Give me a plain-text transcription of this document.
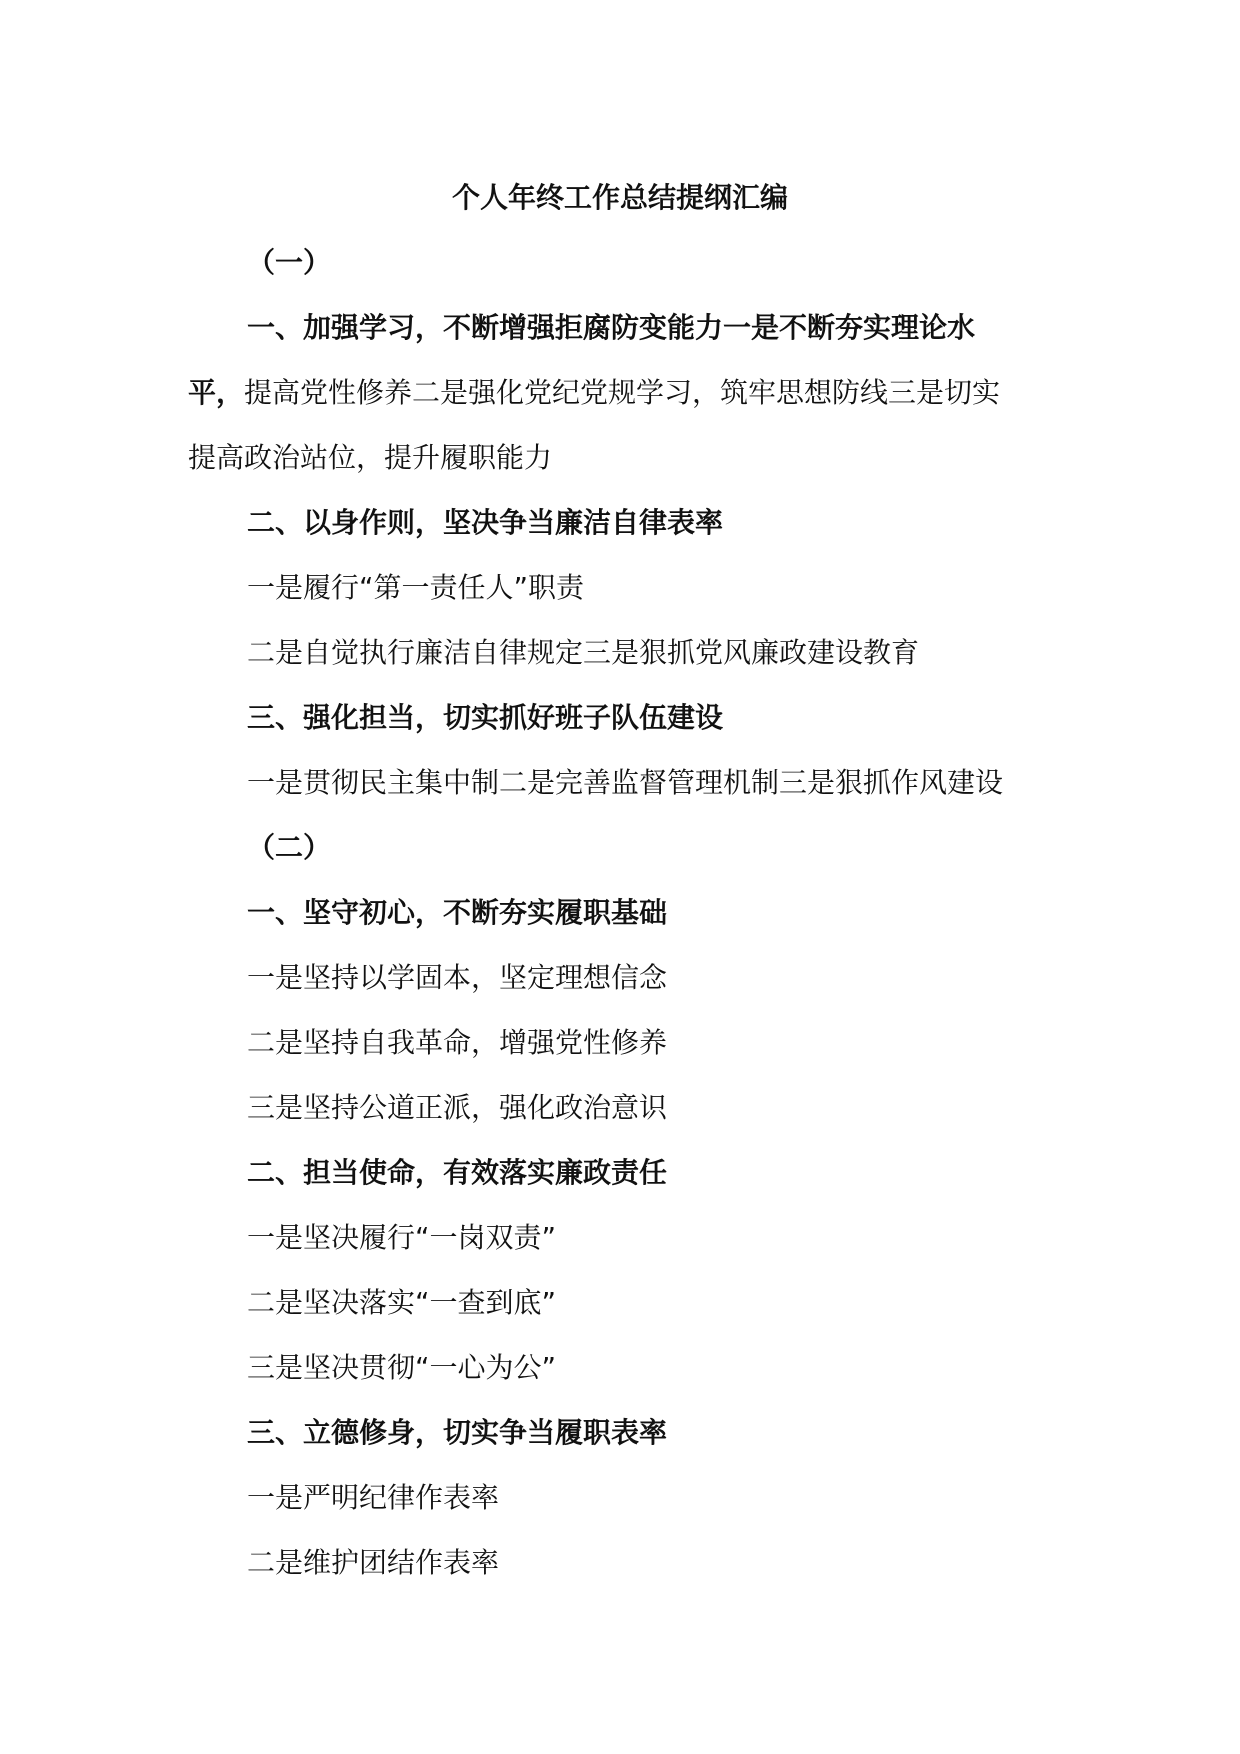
个人年终工作总结提纲汇编
（一）
一、加强学习，不断增强拒腐防变能力一是不断夯实理论水
平，提高党性修养二是强化党纪党规学习，筑牢思想防线三是切实
提高政治站位，提升履职能力
二、以身作则，坚决争当廉洁自律表率
一是履行“第一责任人”职责
二是自觉执行廉洁自律规定三是狠抓党风廉政建设教育
三、强化担当，切实抓好班子队伍建设
一是贯彻民主集中制二是完善监督管理机制三是狠抓作风建设
（二）
一、坚守初心，不断夯实履职基础
一是坚持以学固本，坚定理想信念
二是坚持自我革命，增强党性修养
三是坚持公道正派，强化政治意识
二、担当使命，有效落实廉政责任
一是坚决履行“一岗双责”
二是坚决落实“一查到底”
三是坚决贯彻“一心为公”
三、立德修身，切实争当履职表率
一是严明纪律作表率
二是维护团结作表率
